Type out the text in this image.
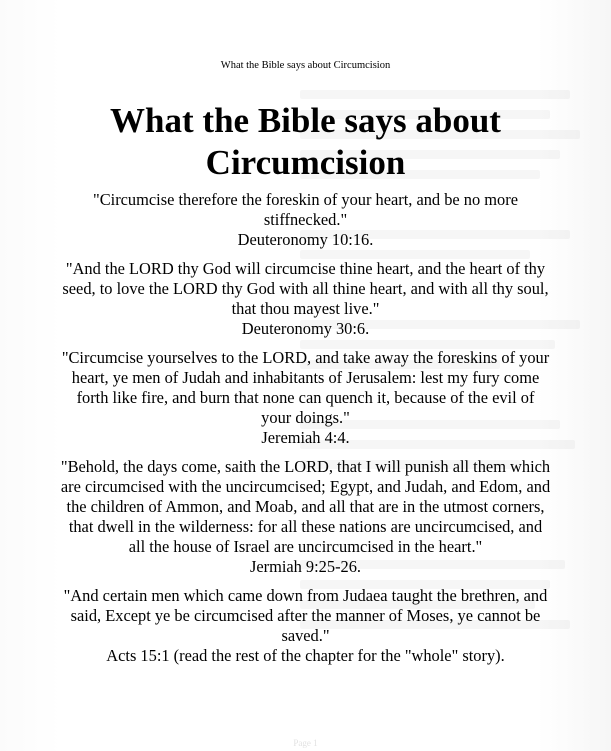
What the Bible says about Circumcision
What the Bible says about Circumcision
"Circumcise therefore the foreskin of your heart, and be no more stiffnecked."
Deuteronomy 10:16.
"And the LORD thy God will circumcise thine heart, and the heart of thy seed, to love the LORD thy God with all thine heart, and with all thy soul, that thou mayest live."
Deuteronomy 30:6.
"Circumcise yourselves to the LORD, and take away the foreskins of your heart, ye men of Judah and inhabitants of Jerusalem: lest my fury come forth like fire, and burn that none can quench it, because of the evil of your doings."
Jeremiah 4:4.
"Behold, the days come, saith the LORD, that I will punish all them which are circumcised with the uncircumcised; Egypt, and Judah, and Edom, and the children of Ammon, and Moab, and all that are in the utmost corners, that dwell in the wilderness: for all these nations are uncircumcised, and all the house of Israel are uncircumcised in the heart."
Jermiah 9:25-26.
"And certain men which came down from Judaea taught the brethren, and said, Except ye be circumcised after the manner of Moses, ye cannot be saved."
Acts 15:1 (read the rest of the chapter for the "whole" story).
Page 1
